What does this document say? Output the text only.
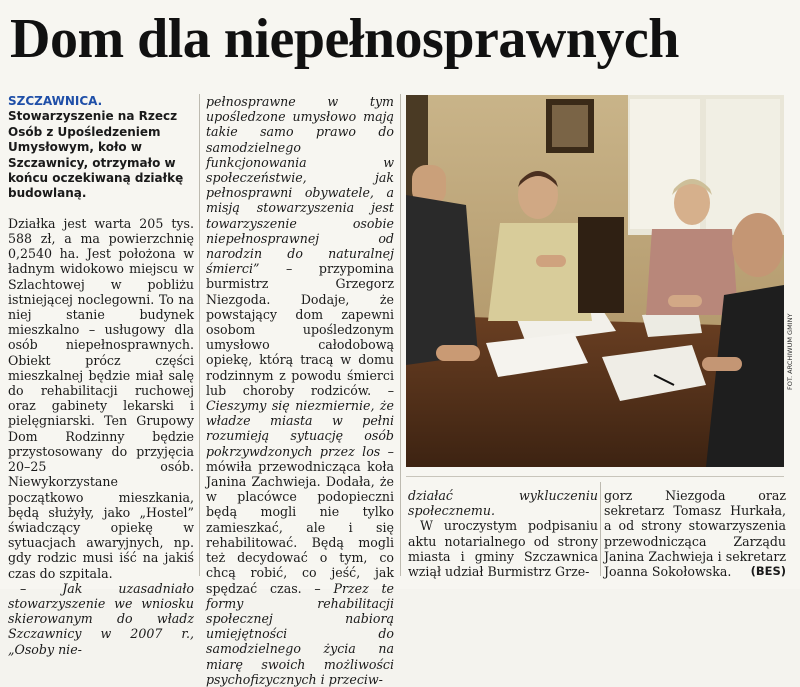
Dom dla niepełnosprawnych

SZCZAWNICA. Stowarzyszenie na Rzecz Osób z Upośledzeniem Umysłowym, koło w Szczawnicy, otrzymało w końcu oczekiwaną działkę budowlaną.

Działka jest warta 205 tys. 588 zł, a ma powierzchnię 0,2540 ha. Jest położona w ładnym widokowo miejscu w Szlachtowej w pobliżu istniejącej noclegowni. To na niej stanie budynek mieszkalno – usługowy dla osób niepełnosprawnych. Obiekt prócz części mieszkalnej będzie miał salę do rehabilitacji ruchowej oraz gabinety lekarski i pielęgniarski. Ten Grupowy Dom Rodzinny będzie przystosowany do przyjęcia 20–25 osób. Niewykorzystane początkowo mieszkania, będą służyły, jako „Hostel” świadczący opiekę w sytuacjach awaryjnych, np. gdy rodzic musi iść na jakiś czas do szpitala.

– Jak uzasadniało stowarzyszenie we wniosku skierowanym do władz Szczawnicy w 2007 r., „Osoby nie-

pełnosprawne w tym upośledzone umysłowo mają takie samo prawo do samodzielnego funkcjonowania w społeczeństwie, jak pełnosprawni obywatele, a misją stowarzyszenia jest towarzyszenie osobie niepełnosprawnej od narodzin do naturalnej śmierci” – przypomina burmistrz Grzegorz Niezgoda. Dodaje, że powstający dom zapewni osobom upośledzonym umysłowo całodobową opiekę, którą tracą w domu rodzinnym z powodu śmierci lub choroby rodziców. – Cieszymy się niezmiernie, że władze miasta w pełni rozumieją sytuację osób pokrzywdzonych przez los – mówiła przewodnicząca koła Janina Zachwieja. Dodała, że w placówce podopieczni będą mogli nie tylko zamieszkać, ale i się rehabilitować. Będą mogli też decydować o tym, co chcą robić, co jeść, jak spędzać czas. – Przez te formy rehabilitacji społecznej nabiorą umiejętności do samodzielnego życia na miarę swoich możliwości psychofizycznych i przeciw-

FOT. ARCHIWUM GMINY

działać wykluczeniu społecznemu.

W uroczystym podpisaniu aktu notarialnego od strony miasta i gminy Szczawnica wziął udział Burmistrz Grze-

gorz Niezgoda oraz sekretarz Tomasz Hurkała, a od strony stowarzyszenia przewodnicząca Zarządu Janina Zachwieja i sekretarz Joanna Sokołowska. (BES)
